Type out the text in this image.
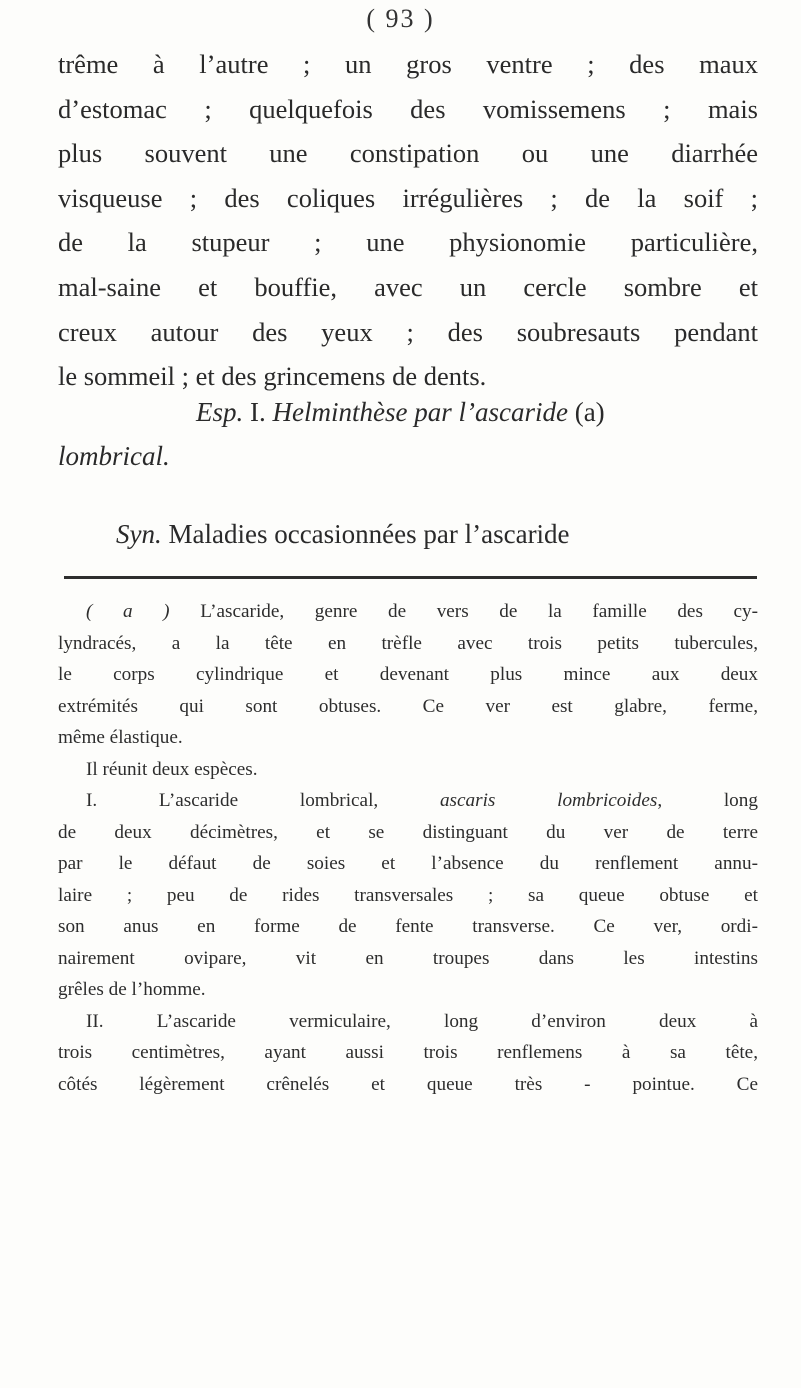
( 93 )
trême à l’autre ; un gros ventre ; des maux
d’estomac ; quelquefois des vomissemens ; mais
plus souvent une constipation ou une diarrhée
visqueuse ; des coliques irrégulières ; de la soif ;
de la stupeur ; une physionomie particulière,
mal-saine et bouffie, avec un cercle sombre et
creux autour des yeux ; des soubresauts pendant
le sommeil ; et des grincemens de dents.
Esp. I. Helminthèse par l’ascaride (a)
lombrical.
Syn. Maladies occasionnées par l’ascaride
( a ) L’ascaride, genre de vers de la famille des cy-
lyndracés, a la tête en trèfle avec trois petits tubercules,
le corps cylindrique et devenant plus mince aux deux
extrémités qui sont obtuses. Ce ver est glabre, ferme,
même élastique.
Il réunit deux espèces.
I. L’ascaride lombrical, ascaris lombricoides, long
de deux décimètres, et se distinguant du ver de terre
par le défaut de soies et l’absence du renflement annu-
laire ; peu de rides transversales ; sa queue obtuse et
son anus en forme de fente transverse. Ce ver, ordi-
nairement ovipare, vit en troupes dans les intestins
grêles de l’homme.
II. L’ascaride vermiculaire, long d’environ deux à
trois centimètres, ayant aussi trois renflemens à sa tête,
côtés légèrement crênelés et queue très - pointue. Ce
